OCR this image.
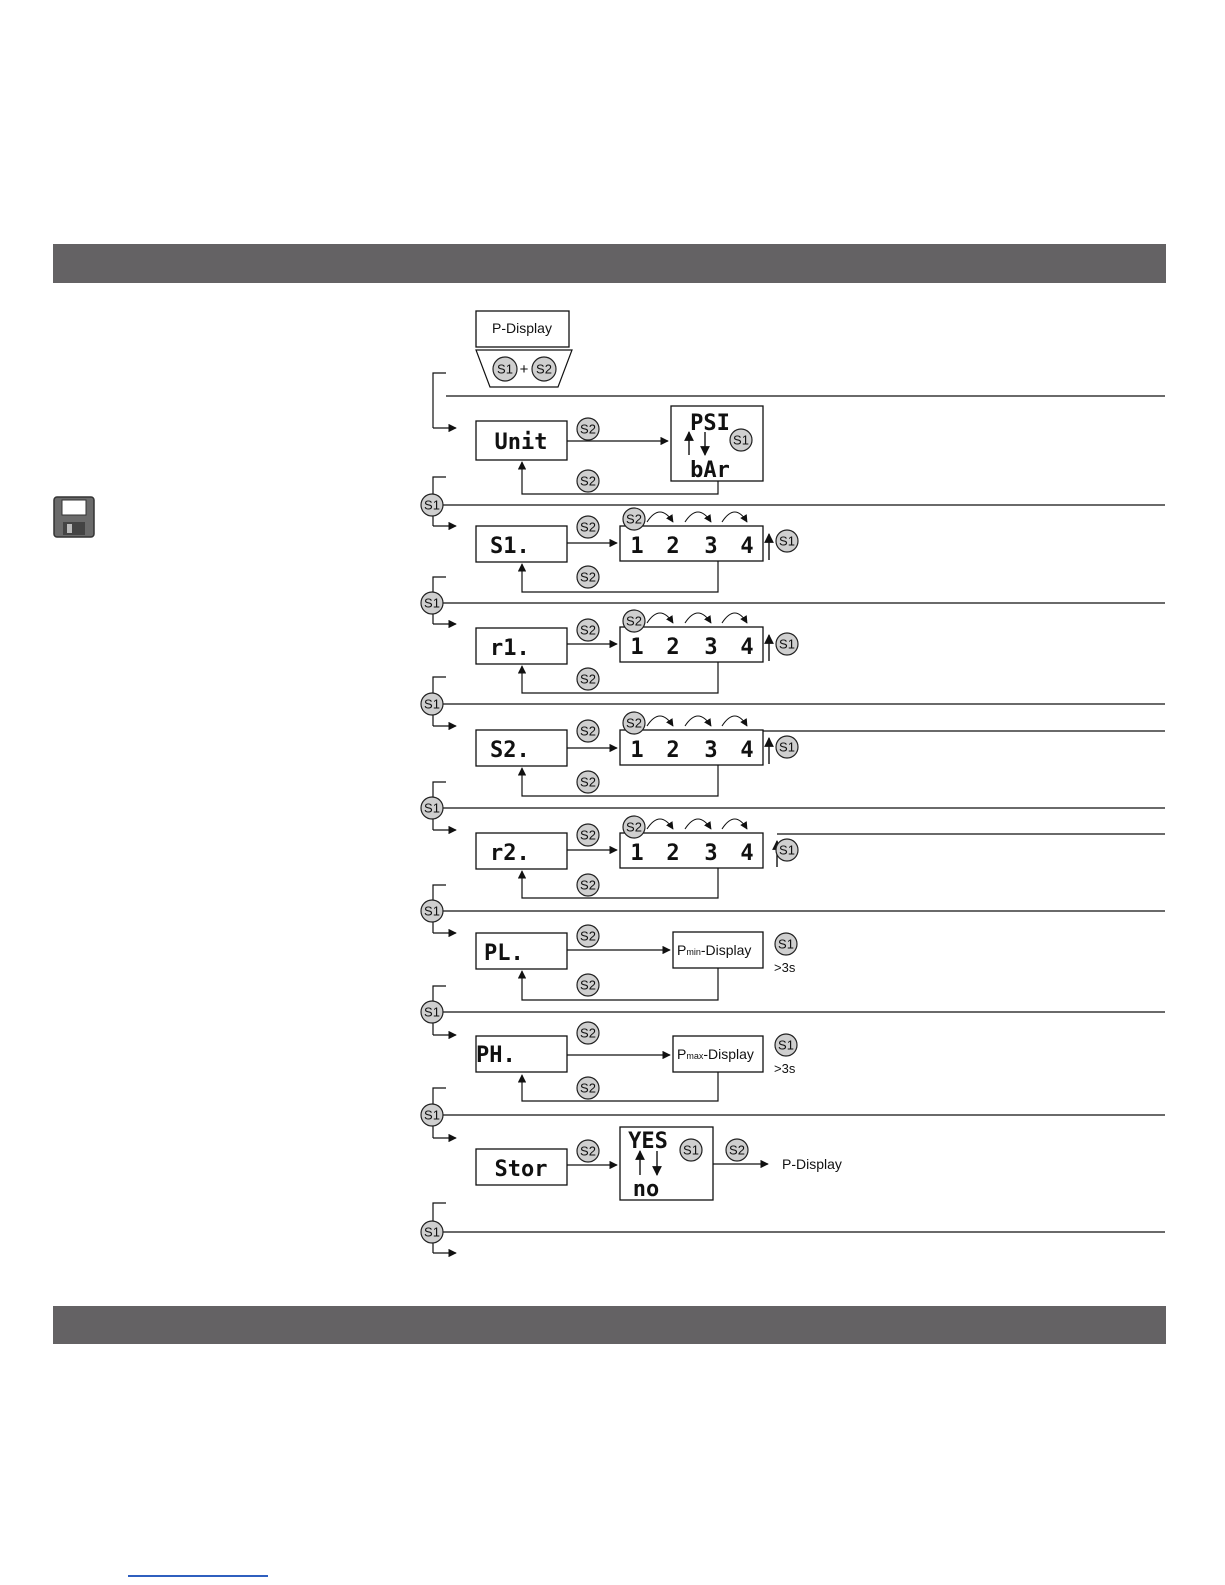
P-Display
S1 + S2
Unit
S2	PSI
bAr
S1
S2
S1
S1.
S2
1 2 3 4
S2
S1
S2
S1
r1.
S2
1 2 3 4
S2
S1
S2
S1
S2.
S2
1 2 3 4
S2
S1
S2
S1
r2.
S2
1 2 3 4
S2
S1
S2
S1
PL.
S2
Pmin-Display S1
>3s
S2
S1
PH.
S2
Pmax-Display
S1
>3s
S2
S1
Stor
S2 YES
no
S1 S2
P-Display
S1
